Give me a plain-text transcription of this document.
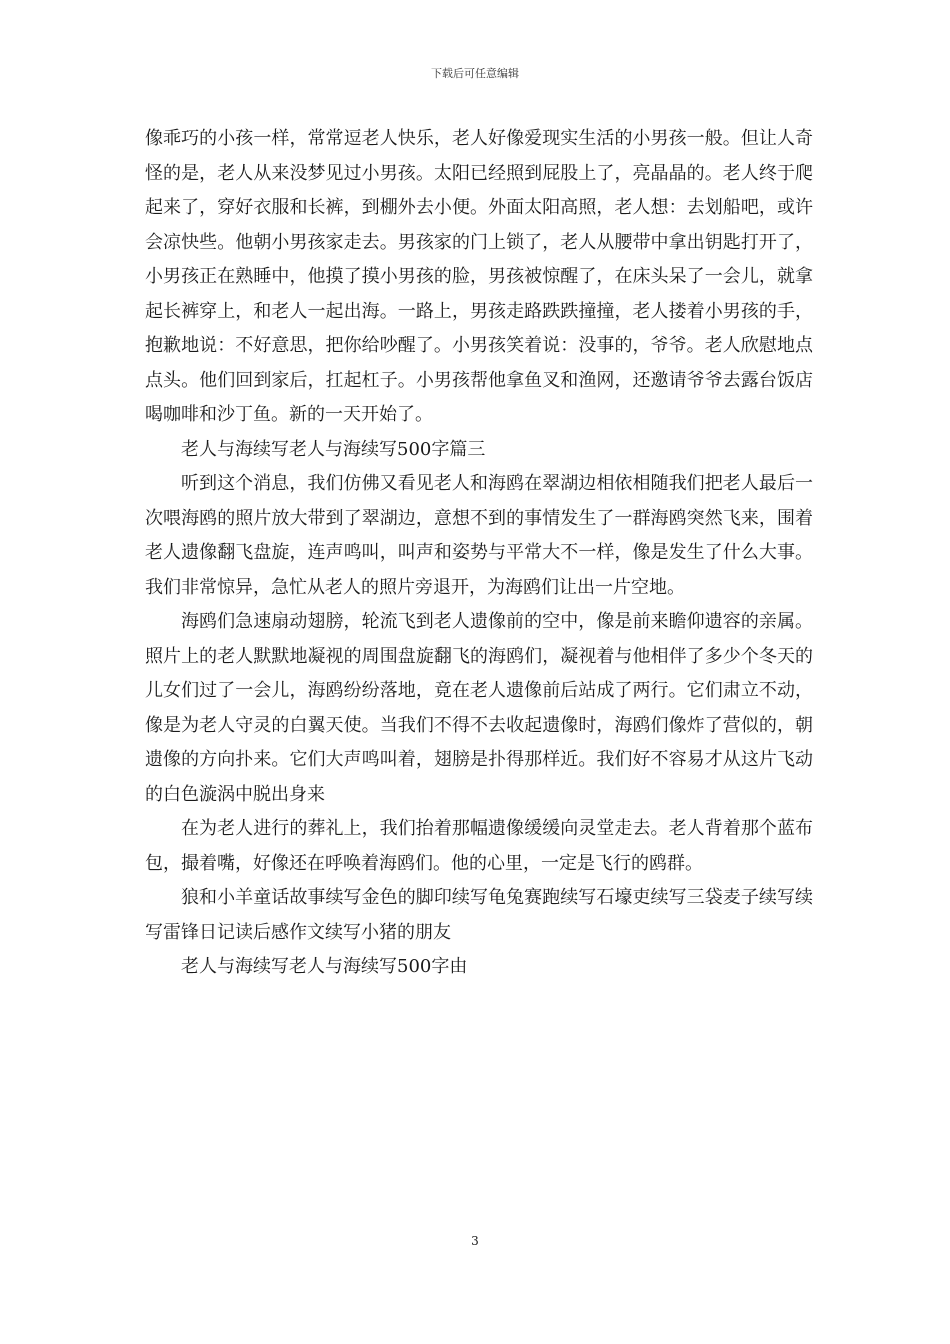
下载后可任意编辑

像乖巧的小孩一样，常常逗老人快乐，老人好像爱现实生活的小男孩一般。但让人奇怪的是，老人从来没梦见过小男孩。太阳已经照到屁股上了，亮晶晶的。老人终于爬起来了，穿好衣服和长裤，到棚外去小便。外面太阳高照，老人想：去划船吧，或许会凉快些。他朝小男孩家走去。男孩家的门上锁了，老人从腰带中拿出钥匙打开了，小男孩正在熟睡中，他摸了摸小男孩的脸，男孩被惊醒了，在床头呆了一会儿，就拿起长裤穿上，和老人一起出海。一路上，男孩走路跌跌撞撞，老人搂着小男孩的手，抱歉地说：不好意思，把你给吵醒了。小男孩笑着说：没事的，爷爷。老人欣慰地点点头。他们回到家后，扛起杠子。小男孩帮他拿鱼叉和渔网，还邀请爷爷去露台饭店喝咖啡和沙丁鱼。新的一天开始了。

老人与海续写老人与海续写500字篇三

听到这个消息，我们仿佛又看见老人和海鸥在翠湖边相依相随我们把老人最后一次喂海鸥的照片放大带到了翠湖边，意想不到的事情发生了一群海鸥突然飞来，围着老人遗像翻飞盘旋，连声鸣叫，叫声和姿势与平常大不一样，像是发生了什么大事。我们非常惊异，急忙从老人的照片旁退开，为海鸥们让出一片空地。

海鸥们急速扇动翅膀，轮流飞到老人遗像前的空中，像是前来瞻仰遗容的亲属。照片上的老人默默地凝视的周围盘旋翻飞的海鸥们，凝视着与他相伴了多少个冬天的儿女们过了一会儿，海鸥纷纷落地，竟在老人遗像前后站成了两行。它们肃立不动，像是为老人守灵的白翼天使。当我们不得不去收起遗像时，海鸥们像炸了营似的，朝遗像的方向扑来。它们大声鸣叫着，翅膀是扑得那样近。我们好不容易才从这片飞动的白色漩涡中脱出身来

在为老人进行的葬礼上，我们抬着那幅遗像缓缓向灵堂走去。老人背着那个蓝布包，撮着嘴，好像还在呼唤着海鸥们。他的心里，一定是飞行的鸥群。

狼和小羊童话故事续写金色的脚印续写龟兔赛跑续写石壕吏续写三袋麦子续写续写雷锋日记读后感作文续写小猪的朋友

老人与海续写老人与海续写500字由

3
